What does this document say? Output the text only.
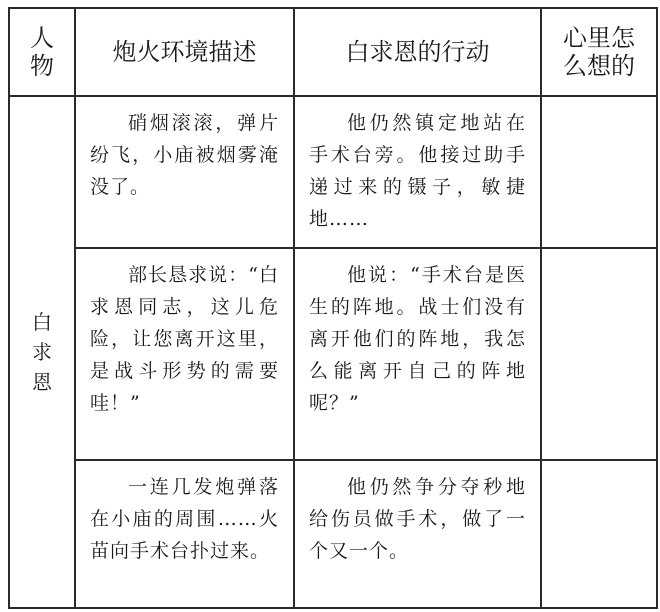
人物	炮火环境描述	白求恩的行动	心里怎么想的
白求恩	硝烟滚滚，弹片纷飞，小庙被烟雾淹没了。	他仍然镇定地站在手术台旁。他接过助手递过来的镊子，敏捷地……	
	部长恳求说：“白求恩同志，这儿危险，让您离开这里，是战斗形势的需要哇！”	他说：“手术台是医生的阵地。战士们没有离开他们的阵地，我怎么能离开自己的阵地呢？”	
	一连几发炮弹落在小庙的周围……火苗向手术台扑过来。	他仍然争分夺秒地给伤员做手术，做了一个又一个。	
